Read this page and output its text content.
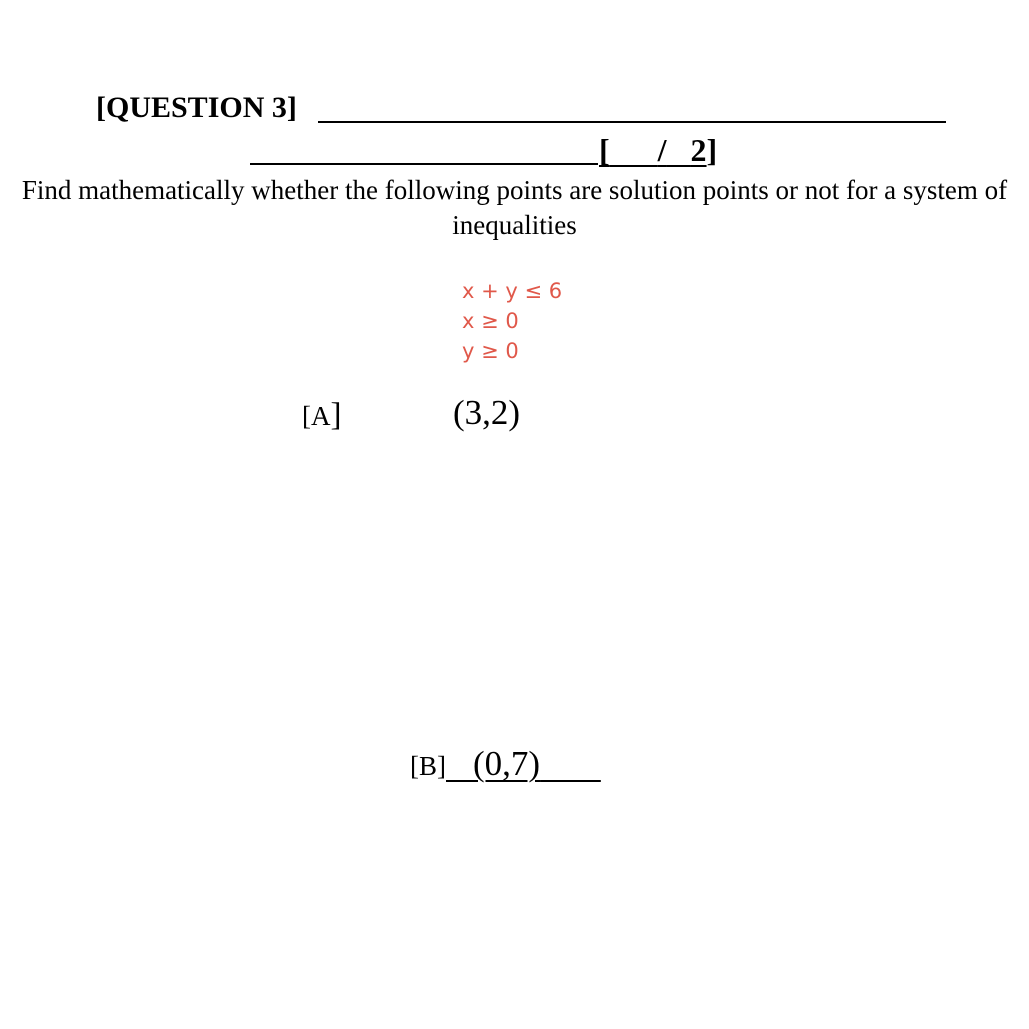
[QUESTION 3]
[ / 2]
Find mathematically whether the following points are solution points or not for a system of inequalities
x + y ≤ 6
x ≥ 0
y ≥ 0
[A]	(3,2)
[B] (0,7)
